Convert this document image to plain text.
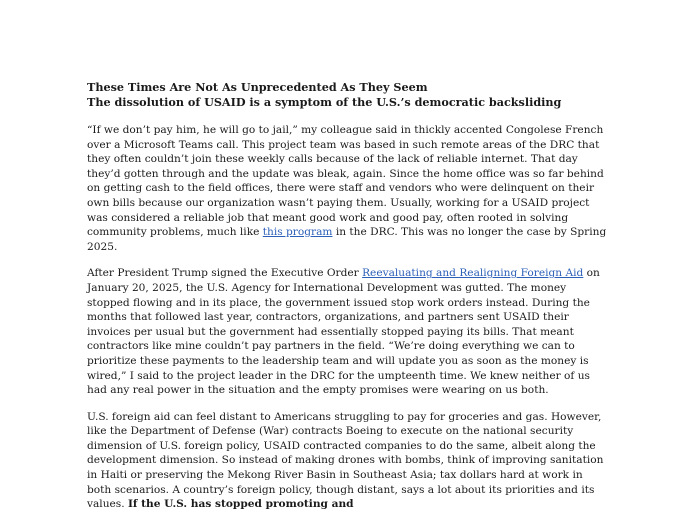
These Times Are Not As Unprecedented As They Seem

The dissolution of USAID is a symptom of the U.S.’s democratic backsliding

“If we don’t pay him, he will go to jail,” my colleague said in thickly accented Congolese French over a Microsoft Teams call. This project team was based in such remote areas of the DRC that they often couldn’t join these weekly calls because of the lack of reliable internet. That day they’d gotten through and the update was bleak, again. Since the home office was so far behind on getting cash to the field offices, there were staff and vendors who were delinquent on their own bills because our organization wasn’t paying them. Usually, working for a USAID project was considered a reliable job that meant good work and good pay, often rooted in solving community problems, much like this program in the DRC. This was no longer the case by Spring 2025.

After President Trump signed the Executive Order Reevaluating and Realigning Foreign Aid on January 20, 2025, the U.S. Agency for International Development was gutted. The money stopped flowing and in its place, the government issued stop work orders instead. During the months that followed last year, contractors, organizations, and partners sent USAID their invoices per usual but the government had essentially stopped paying its bills. That meant contractors like mine couldn’t pay partners in the field. “We’re doing everything we can to prioritize these payments to the leadership team and will update you as soon as the money is wired,” I said to the project leader in the DRC for the umpteenth time. We knew neither of us had any real power in the situation and the empty promises were wearing on us both.

U.S. foreign aid can feel distant to Americans struggling to pay for groceries and gas. However, like the Department of Defense (War) contracts Boeing to execute on the national security dimension of U.S. foreign policy, USAID contracted companies to do the same, albeit along the development dimension. So instead of making drones with bombs, think of improving sanitation in Haiti or preserving the Mekong River Basin in Southeast Asia; tax dollars hard at work in both scenarios. A country’s foreign policy, though distant, says a lot about its priorities and its values. If the U.S. has stopped promoting and
